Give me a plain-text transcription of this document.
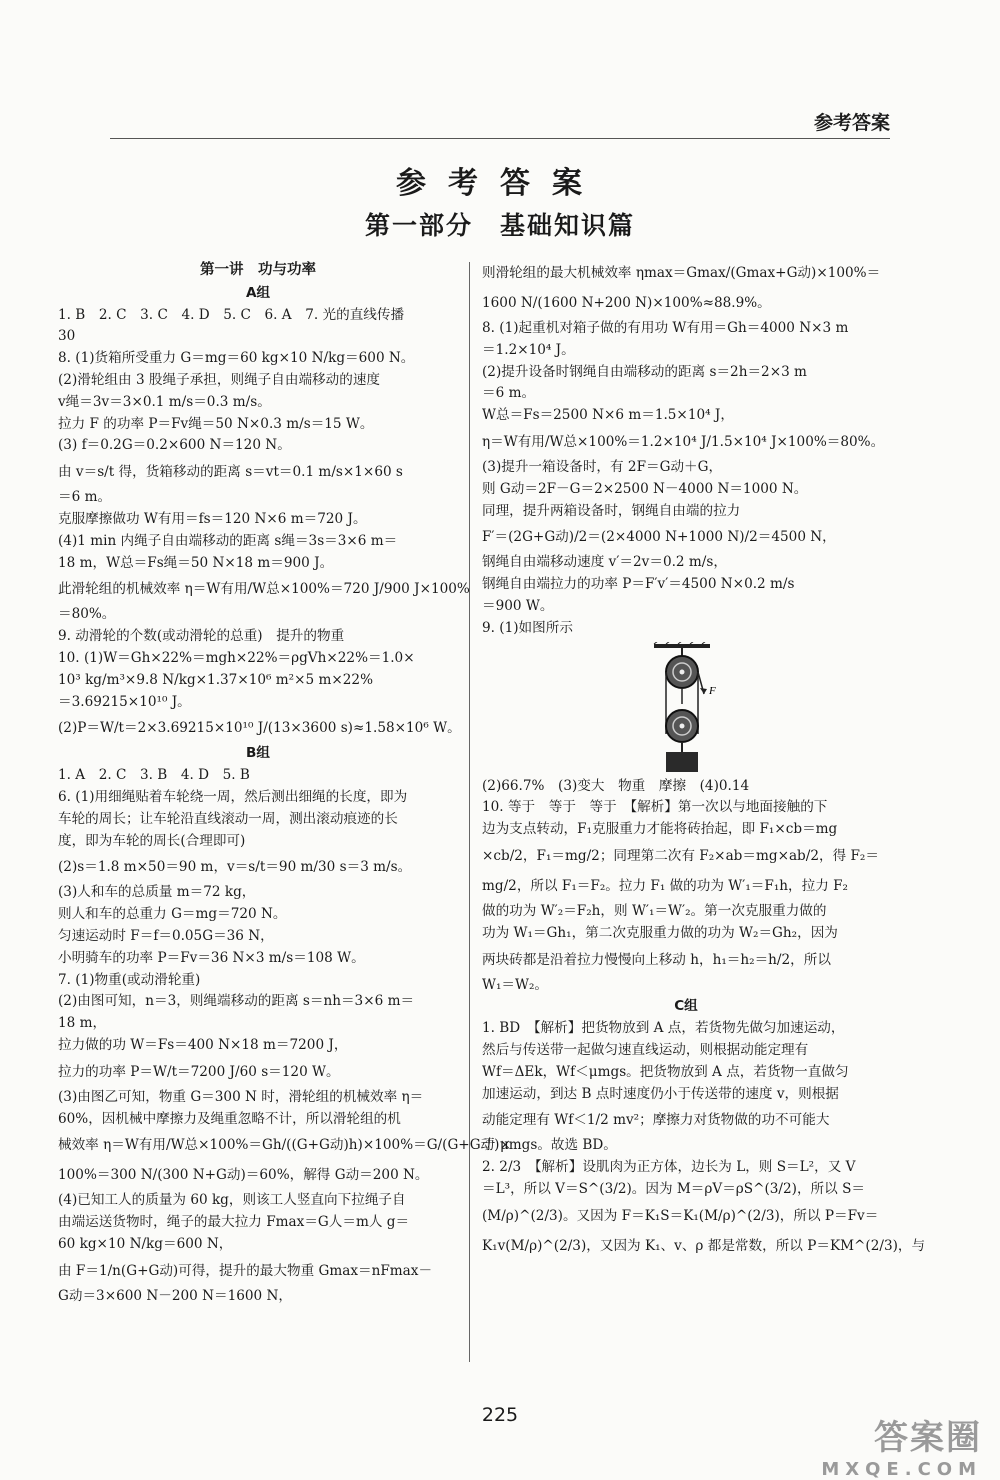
参考答案
参考答案
第一部分　基础知识篇
第一讲　功与功率
A组
1. B　2. C　3. C　4. D　5. C　6. A　7. 光的直线传播
30
8. (1)货箱所受重力 G＝mg＝60 kg×10 N/kg＝600 N。
(2)滑轮组由 3 股绳子承担，则绳子自由端移动的速度
v绳＝3v＝3×0.1 m/s＝0.3 m/s。
拉力 F 的功率 P＝Fv绳＝50 N×0.3 m/s＝15 W。
(3) f＝0.2G＝0.2×600 N＝120 N。
由 v＝s/t 得，货箱移动的距离 s＝vt＝0.1 m/s×1×60 s
＝6 m。
克服摩擦做功 W有用＝fs＝120 N×6 m＝720 J。
(4)1 min 内绳子自由端移动的距离 s绳＝3s＝3×6 m＝
18 m，W总＝Fs绳＝50 N×18 m＝900 J。
此滑轮组的机械效率 η＝W有用/W总×100%＝720 J/900 J×100%
＝80%。
9. 动滑轮的个数(或动滑轮的总重)　提升的物重
10. (1)W＝Gh×22%＝mgh×22%＝ρgVh×22%＝1.0×
10³ kg/m³×9.8 N/kg×1.37×10⁶ m²×5 m×22%
＝3.69215×10¹⁰ J。
(2)P＝W/t＝2×3.69215×10¹⁰ J/(13×3600 s)≈1.58×10⁶ W。
B组
1. A　2. C　3. B　4. D　5. B
6. (1)用细绳贴着车轮绕一周，然后测出细绳的长度，即为
车轮的周长；让车轮沿直线滚动一周，测出滚动痕迹的长
度，即为车轮的周长(合理即可)
(2)s＝1.8 m×50＝90 m，v＝s/t＝90 m/30 s＝3 m/s。
(3)人和车的总质量 m＝72 kg，
则人和车的总重力 G＝mg＝720 N。
匀速运动时 F＝f＝0.05G＝36 N，
小明骑车的功率 P＝Fv＝36 N×3 m/s＝108 W。
7. (1)物重(或动滑轮重)
(2)由图可知，n＝3，则绳端移动的距离 s＝nh＝3×6 m＝
18 m，
拉力做的功 W＝Fs＝400 N×18 m＝7200 J，
拉力的功率 P＝W/t＝7200 J/60 s＝120 W。
(3)由图乙可知，物重 G＝300 N 时，滑轮组的机械效率 η＝
60%，因机械中摩擦力及绳重忽略不计，所以滑轮组的机
械效率 η＝W有用/W总×100%＝Gh/((G+G动)h)×100%＝G/(G+G动)×
100%＝300 N/(300 N+G动)＝60%，解得 G动＝200 N。
(4)已知工人的质量为 60 kg，则该工人竖直向下拉绳子自
由端运送货物时，绳子的最大拉力 Fmax＝G人＝m人 g＝
60 kg×10 N/kg＝600 N，
由 F＝1/n(G+G动)可得，提升的最大物重 Gmax＝nFmax－
G动＝3×600 N－200 N＝1600 N，
则滑轮组的最大机械效率 ηmax＝Gmax/(Gmax+G动)×100%＝
1600 N/(1600 N+200 N)×100%≈88.9%。
8. (1)起重机对箱子做的有用功 W有用＝Gh＝4000 N×3 m
＝1.2×10⁴ J。
(2)提升设备时钢绳自由端移动的距离 s＝2h＝2×3 m
＝6 m。
W总＝Fs＝2500 N×6 m＝1.5×10⁴ J，
η＝W有用/W总×100%＝1.2×10⁴ J/1.5×10⁴ J×100%＝80%。
(3)提升一箱设备时，有 2F＝G动＋G，
则 G动＝2F－G＝2×2500 N－4000 N＝1000 N。
同理，提升两箱设备时，钢绳自由端的拉力
F′＝(2G+G动)/2＝(2×4000 N+1000 N)/2＝4500 N，
钢绳自由端移动速度 v′＝2v＝0.2 m/s，
钢绳自由端拉力的功率 P＝F′v′＝4500 N×0.2 m/s
＝900 W。
9. (1)如图所示
F
(2)66.7%　(3)变大　物重　摩擦　(4)0.14
10. 等于　等于　等于　【解析】第一次以与地面接触的下
边为支点转动，F₁克服重力才能将砖抬起，即 F₁×cb＝mg
×cb/2，F₁＝mg/2；同理第二次有 F₂×ab＝mg×ab/2，得 F₂＝
mg/2，所以 F₁＝F₂。拉力 F₁ 做的功为 W′₁＝F₁h，拉力 F₂
做的功为 W′₂＝F₂h，则 W′₁＝W′₂。第一次克服重力做的
功为 W₁＝Gh₁，第二次克服重力做的功为 W₂＝Gh₂，因为
两块砖都是沿着拉力慢慢向上移动 h，h₁＝h₂＝h/2，所以
W₁＝W₂。
C组
1. BD　【解析】把货物放到 A 点，若货物先做匀加速运动，
然后与传送带一起做匀速直线运动，则根据动能定理有
Wf＝ΔEk，Wf＜μmgs。把货物放到 A 点，若货物一直做匀
加速运动，到达 B 点时速度仍小于传送带的速度 v，则根据
动能定理有 Wf＜1/2 mv²；摩擦力对货物做的功不可能大
于 μmgs。故选 BD。
2. 2/3　【解析】设肌肉为正方体，边长为 L，则 S＝L²，又 V
＝L³，所以 V＝S^(3/2)。因为 M＝ρV＝ρS^(3/2)，所以 S＝
(M/ρ)^(2/3)。又因为 F＝K₁S＝K₁(M/ρ)^(2/3)，所以 P＝Fv＝
K₁v(M/ρ)^(2/3)，又因为 K₁、v、ρ 都是常数，所以 P＝KM^(2/3)，与
225
答案圈
MXQE.COM
